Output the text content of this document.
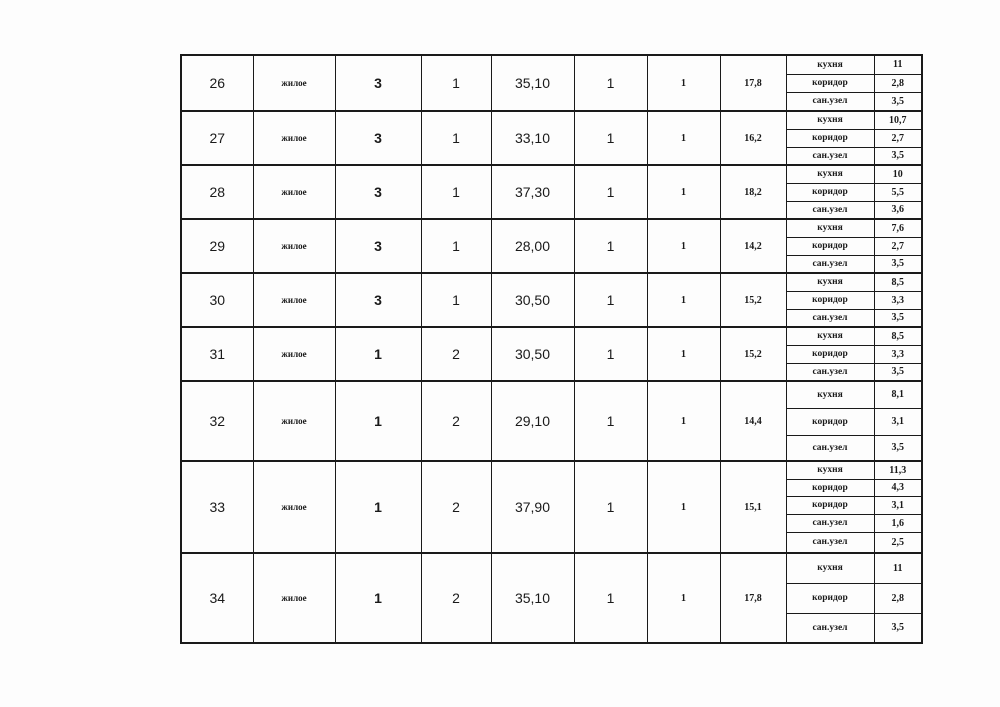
26	жилое	3	1	35,10	1	1	17,8	кухня	11
								коридор	2,8
								сан.узел	3,5
27	жилое	3	1	33,10	1	1	16,2	кухня	10,7
								коридор	2,7
								сан.узел	3,5
28	жилое	3	1	37,30	1	1	18,2	кухня	10
								коридор	5,5
								сан.узел	3,6
29	жилое	3	1	28,00	1	1	14,2	кухня	7,6
								коридор	2,7
								сан.узел	3,5
30	жилое	3	1	30,50	1	1	15,2	кухня	8,5
								коридор	3,3
								сан.узел	3,5
31	жилое	1	2	30,50	1	1	15,2	кухня	8,5
								коридор	3,3
								сан.узел	3,5
32	жилое	1	2	29,10	1	1	14,4	кухня	8,1
								коридор	3,1
								сан.узел	3,5
33	жилое	1	2	37,90	1	1	15,1	кухня	11,3
								коридор	4,3
								коридор	3,1
								сан.узел	1,6
								сан.узел	2,5
34	жилое	1	2	35,10	1	1	17,8	кухня	11
								коридор	2,8
								сан.узел	3,5
